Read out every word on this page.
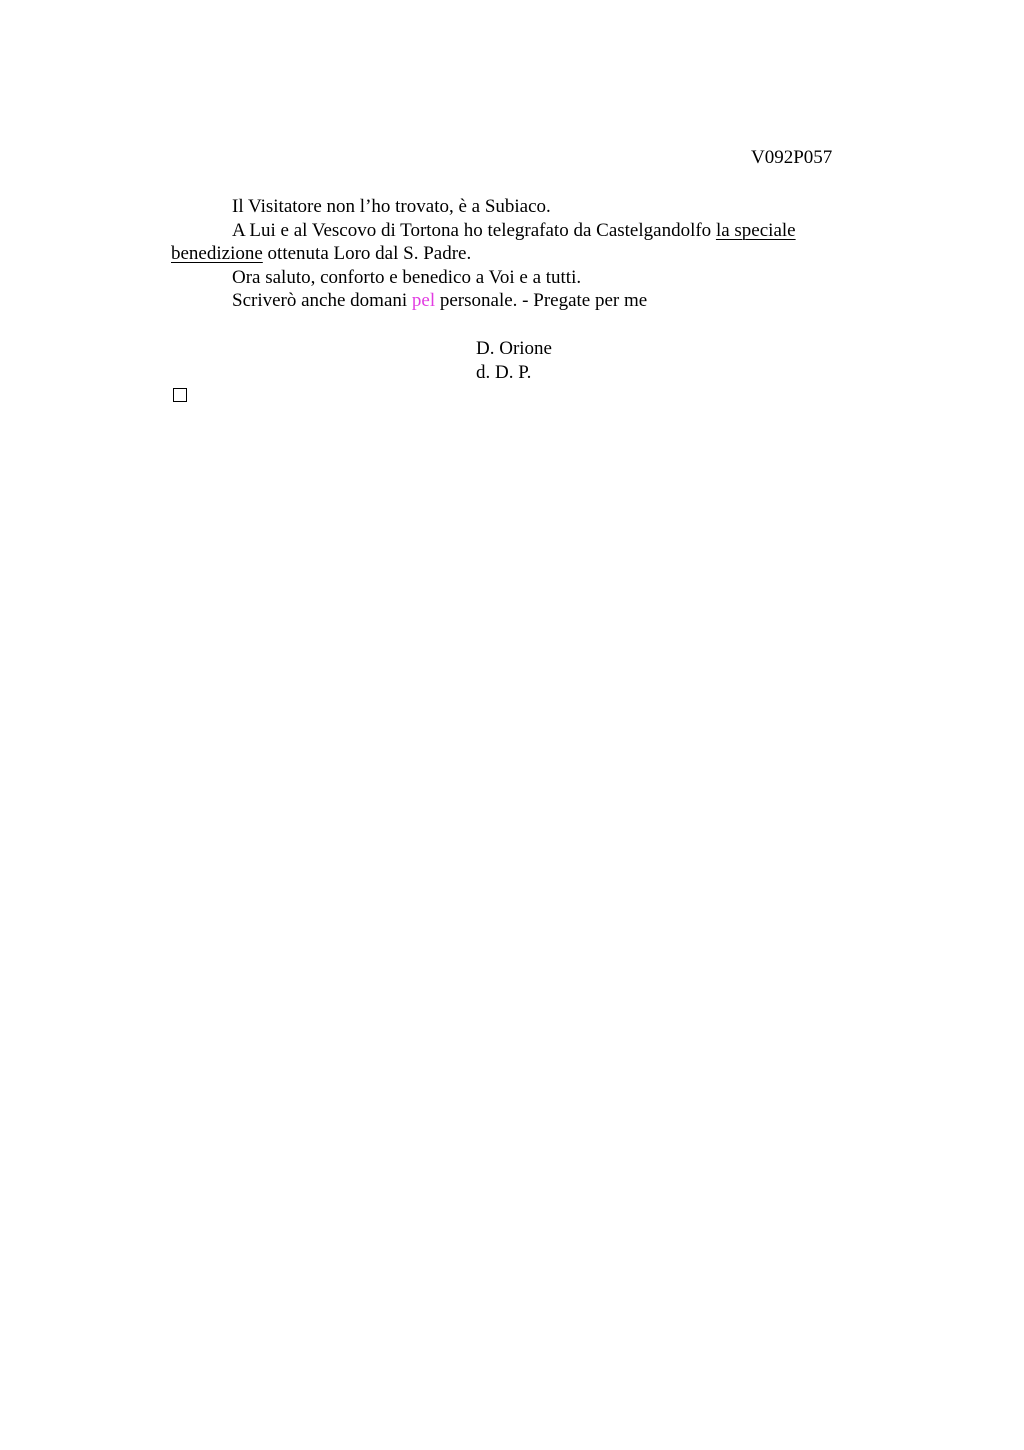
V092P057

Il Visitatore non l’ho trovato, è a Subiaco.

A Lui e al Vescovo di Tortona ho telegrafato da Castelgandolfo la speciale benedizione ottenuta Loro dal S. Padre.

Ora saluto, conforto e benedico a Voi e a tutti.

Scriverò anche domani pel personale. - Pregate per me

D. Orione
d. D. P.
